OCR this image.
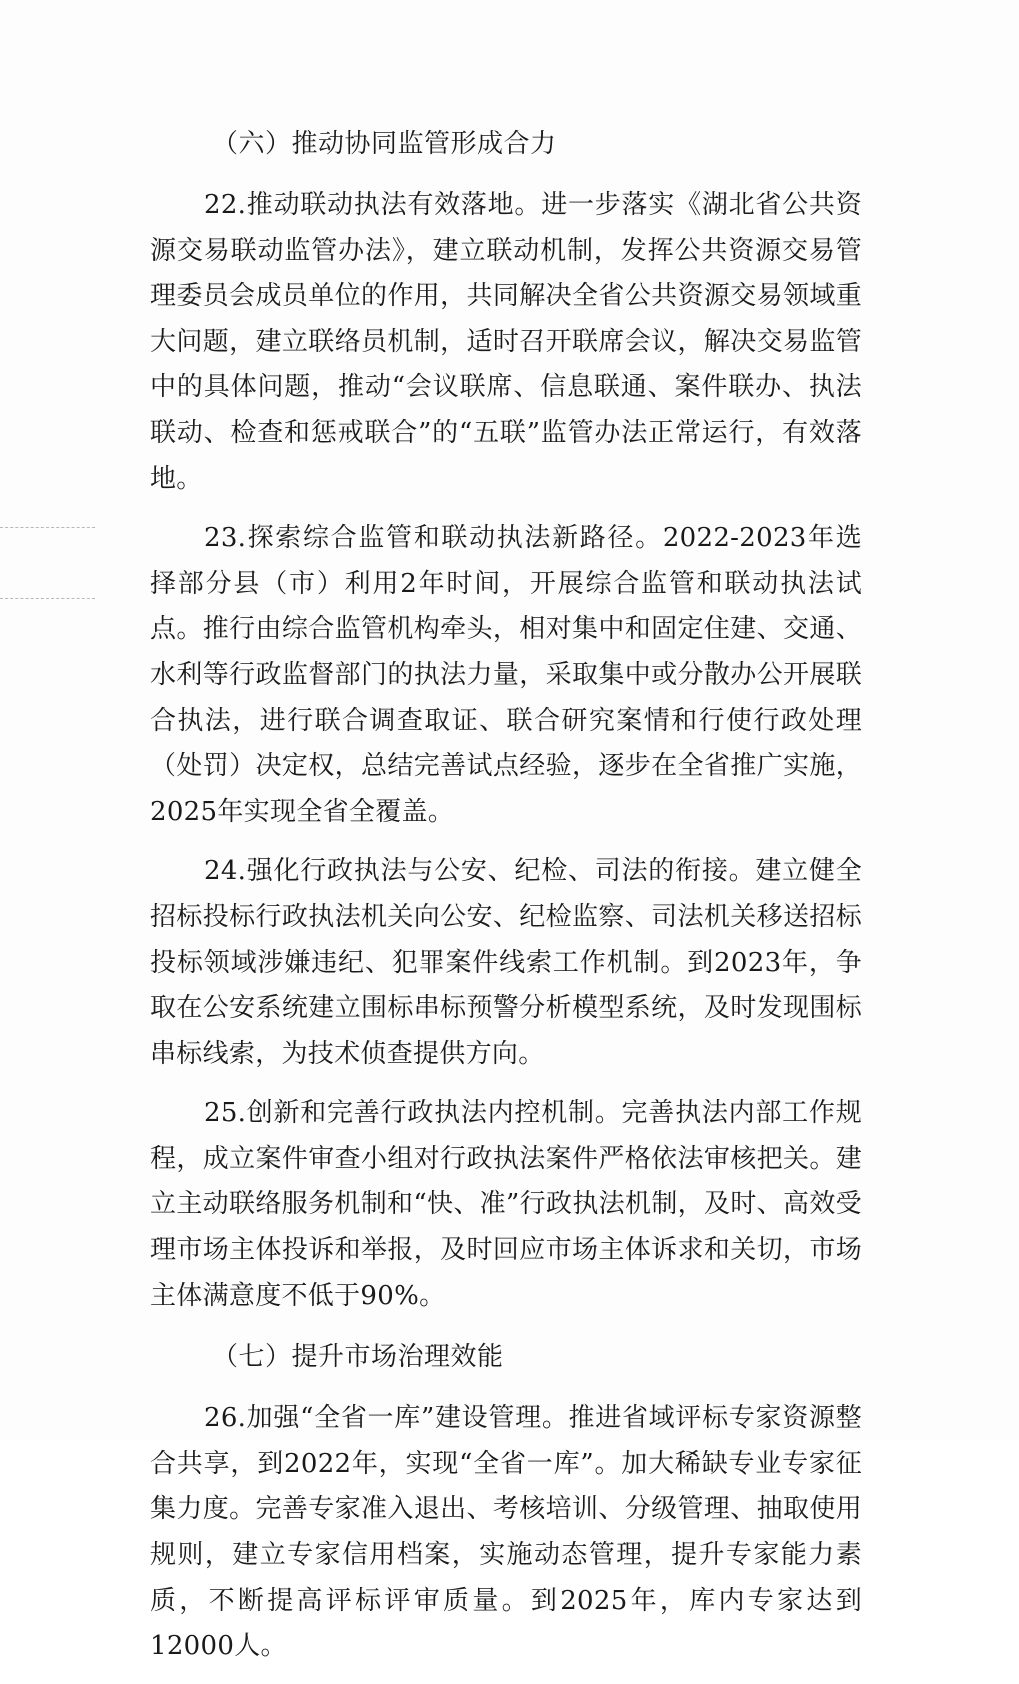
（六）推动协同监管形成合力

22.推动联动执法有效落地。进一步落实《湖北省公共资源交易联动监管办法》，建立联动机制，发挥公共资源交易管理委员会成员单位的作用，共同解决全省公共资源交易领域重大问题，建立联络员机制，适时召开联席会议，解决交易监管中的具体问题，推动“会议联席、信息联通、案件联办、执法联动、检查和惩戒联合”的“五联”监管办法正常运行，有效落地。

23.探索综合监管和联动执法新路径。2022-2023年选择部分县（市）利用2年时间，开展综合监管和联动执法试点。推行由综合监管机构牵头，相对集中和固定住建、交通、水利等行政监督部门的执法力量，采取集中或分散办公开展联合执法，进行联合调查取证、联合研究案情和行使行政处理（处罚）决定权，总结完善试点经验，逐步在全省推广实施，2025年实现全省全覆盖。

24.强化行政执法与公安、纪检、司法的衔接。建立健全招标投标行政执法机关向公安、纪检监察、司法机关移送招标投标领域涉嫌违纪、犯罪案件线索工作机制。到2023年，争取在公安系统建立围标串标预警分析模型系统，及时发现围标串标线索，为技术侦查提供方向。

25.创新和完善行政执法内控机制。完善执法内部工作规程，成立案件审查小组对行政执法案件严格依法审核把关。建立主动联络服务机制和“快、准”行政执法机制，及时、高效受理市场主体投诉和举报，及时回应市场主体诉求和关切，市场主体满意度不低于90%。

（七）提升市场治理效能

26.加强“全省一库”建设管理。推进省域评标专家资源整合共享，到2022年，实现“全省一库”。加大稀缺专业专家征集力度。完善专家准入退出、考核培训、分级管理、抽取使用规则，建立专家信用档案，实施动态管理，提升专家能力素质，不断提高评标评审质量。到2025年，库内专家达到12000人。
